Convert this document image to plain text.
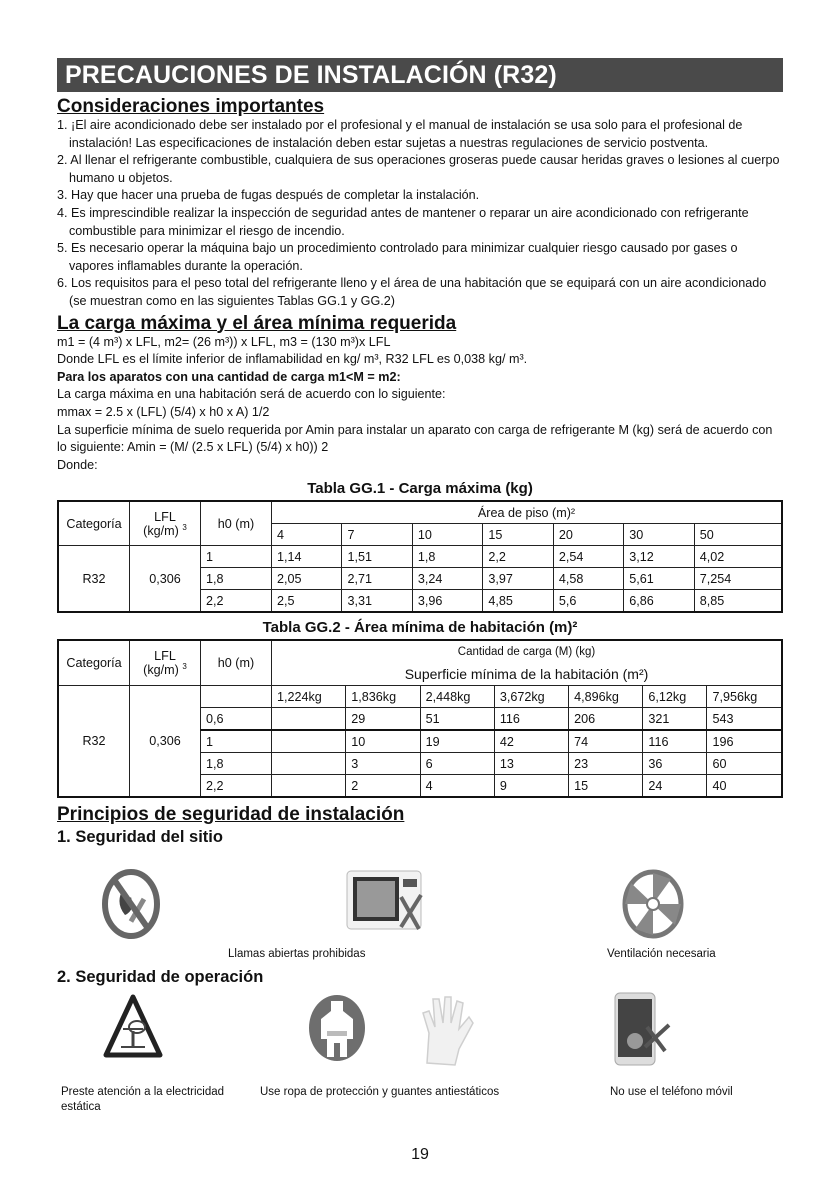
PRECAUCIONES DE INSTALACIÓN (R32)
Consideraciones importantes
1. ¡El aire acondicionado debe ser instalado por el profesional y el manual de instalación se usa solo para el profesional de instalación! Las especificaciones de instalación deben estar sujetas a nuestras regulaciones de servicio postventa.
2. Al llenar el refrigerante combustible, cualquiera de sus operaciones groseras puede causar heridas graves o lesiones al cuerpo humano u objetos.
3. Hay que hacer una prueba de fugas después de completar la instalación.
4. Es imprescindible realizar la inspección de seguridad antes de mantener o reparar un aire acondicionado con refrigerante combustible para minimizar el riesgo de incendio.
5. Es necesario operar la máquina bajo un procedimiento controlado para minimizar cualquier riesgo causado por gases o vapores inflamables durante la operación.
6. Los requisitos para el peso total del refrigerante lleno y el área de una habitación que se equipará con un aire acondicionado (se muestran como en las siguientes Tablas GG.1 y GG.2)
La carga máxima y el área mínima requerida
m1 = (4 m³) x LFL, m2= (26 m³)) x LFL, m3 = (130 m³)x LFL
Donde LFL es el límite inferior de inflamabilidad en kg/ m³, R32 LFL es 0,038 kg/ m³.
Para los aparatos con una cantidad de carga m1<M = m2:
La carga máxima en una habitación será de acuerdo con lo siguiente:
mmax = 2.5 x (LFL) (5/4) x h0 x A) 1/2
La superficie mínima de suelo requerida por Amin para instalar un aparato con carga de refrigerante M (kg) será de acuerdo con lo siguiente: Amin = (M/ (2.5 x LFL) (5/4) x h0)) 2
Donde:
Tabla GG.1 - Carga máxima (kg)
Categoría	LFL
(kg/m) $^3$	h0 (m)	Área de piso (m)²						
			4	7	10	15	20	30	50
R32	0,306	1	1,14	1,51	1,8	2,2	2,54	3,12	4,02
		1,8	2,05	2,71	3,24	3,97	4,58	5,61	7,254
		2,2	2,5	3,31	3,96	4,85	5,6	6,86	8,85
Tabla GG.2 - Área mínima de habitación (m)²
Categoría	LFL
(kg/m) $^3$	h0 (m)	Cantidad de carga (M) (kg)						
			Superficie mínima de la habitación (m²)						
R32	0,306		1,224kg	1,836kg	2,448kg	3,672kg	4,896kg	6,12kg	7,956kg
		0,6		29	51	116	206	321	543
		1		10	19	42	74	116	196
		1,8		3	6	13	23	36	60
		2,2		2	4	9	15	24	40
Principios de seguridad de instalación
1. Seguridad del sitio
Llamas abiertas prohibidas	Ventilación necesaria
2. Seguridad de operación
Preste atención a la electricidad estática
Use ropa de protección y guantes antiestáticos	No use el teléfono móvil
19
